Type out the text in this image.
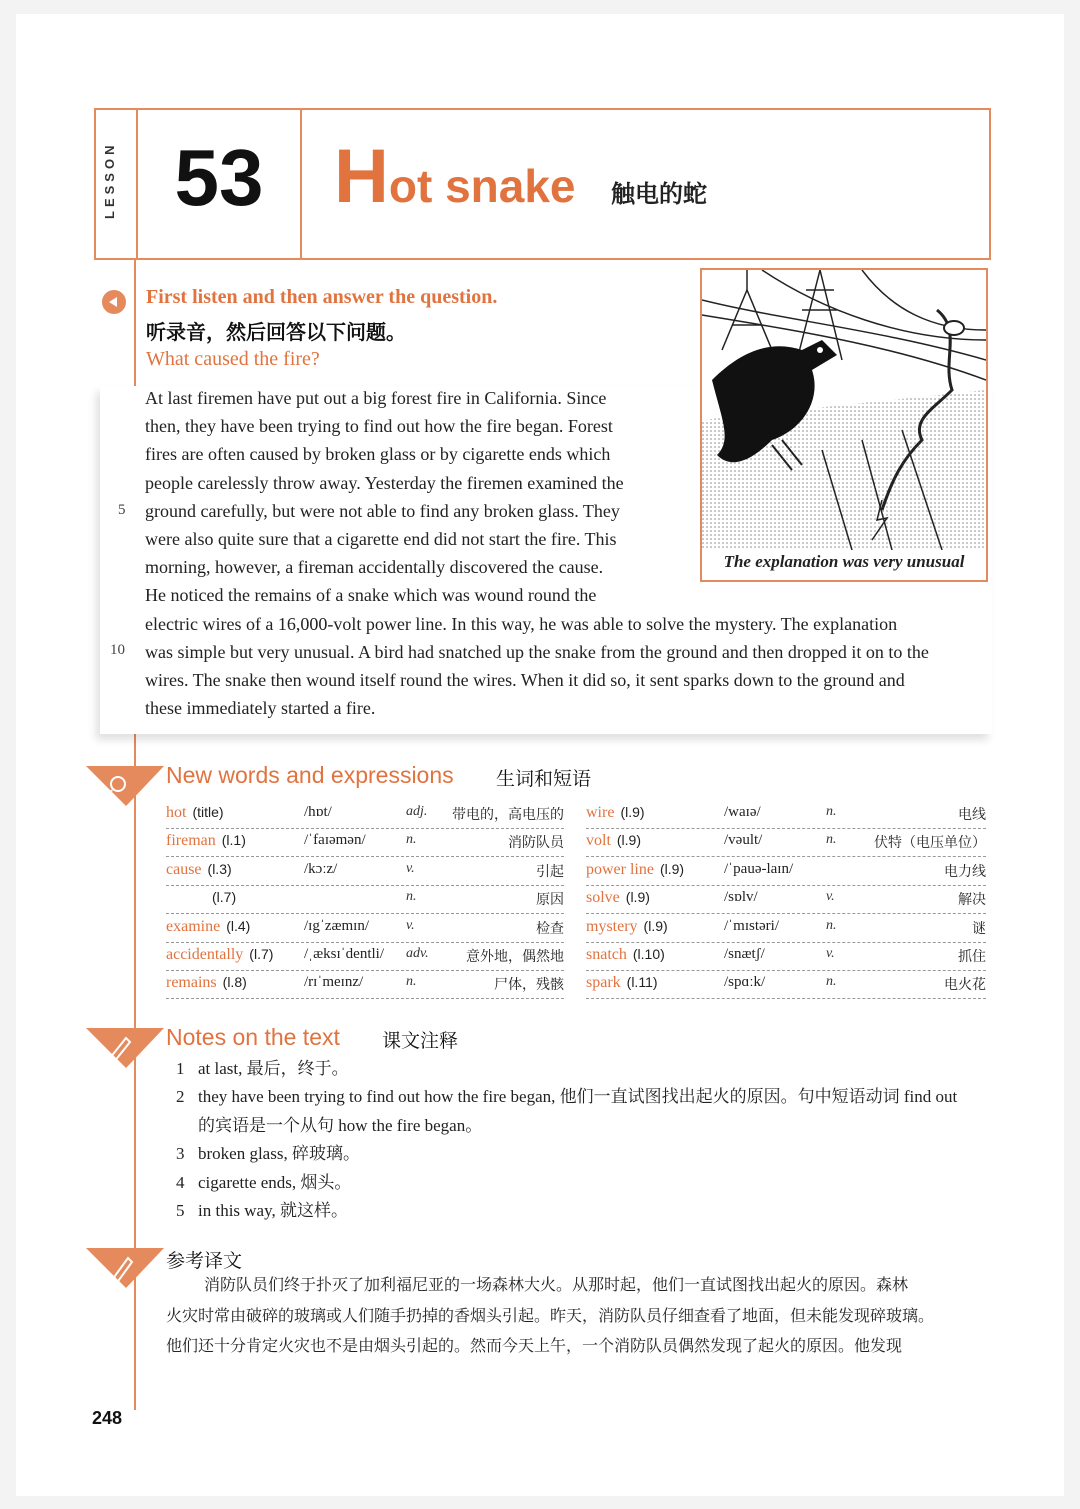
LESSON 53 Hot snake 触电的蛇
First listen and then answer the question.
听录音，然后回答以下问题。
What caused the fire?
At last firemen have put out a big forest fire in California. Since
then, they have been trying to find out how the fire began. Forest
fires are often caused by broken glass or by cigarette ends which
people carelessly throw away. Yesterday the firemen examined the
ground carefully, but were not able to find any broken glass. They
were also quite sure that a cigarette end did not start the fire. This
morning, however, a fireman accidentally discovered the cause.
He noticed the remains of a snake which was wound round the
electric wires of a 16,000-volt power line. In this way, he was able to solve the mystery. The explanation
was simple but very unusual. A bird had snatched up the snake from the ground and then dropped it on to the
wires. The snake then wound itself round the wires. When it did so, it sent sparks down to the ground and
these immediately started a fire.
5
10
The explanation was very unusual
New words and expressions 生词和短语
hot (title)	/hɒt/	adj. 带电的，高电压的
fireman (l.1)	/ˈfaɪəmən/	n.	消防队员
cause (l.3)	/kɔːz/	v.	引起
(l.7)	n.	原因
examine (l.4)	/ɪgˈzæmɪn/	v.	检查
accidentally (l.7) /ˌæksɪˈdentli/ adv.	意外地，偶然地
remains (l.8)	/rɪˈmeɪnz/	n.	尸体，残骸
wire (l.9)	/waɪə/	n.	电线
volt (l.9)	/vəult/	n.	伏特（电压单位）
power line (l.9)	/ˈpauə-laɪn/	电力线
solve (l.9)	/sɒlv/	v.	解决
mystery (l.9)	/ˈmɪstəri/	n.	谜
snatch (l.10)	/snætʃ/	v.	抓住
spark (l.11)	/spɑːk/	n.	电火花
Notes on the text 课文注释
1 at last, 最后，终于。
2 they have been trying to find out how the fire began, 他们一直试图找出起火的原因。句中短语动词 find out
的宾语是一个从句 how the fire began。
3 broken glass, 碎玻璃。
4 cigarette ends, 烟头。
5 in this way, 就这样。
参考译文
消防队员们终于扑灭了加利福尼亚的一场森林大火。从那时起，他们一直试图找出起火的原因。森林
火灾时常由破碎的玻璃或人们随手扔掉的香烟头引起。昨天，消防队员仔细查看了地面，但未能发现碎玻璃。
他们还十分肯定火灾也不是由烟头引起的。然而今天上午，一个消防队员偶然发现了起火的原因。他发现
248
